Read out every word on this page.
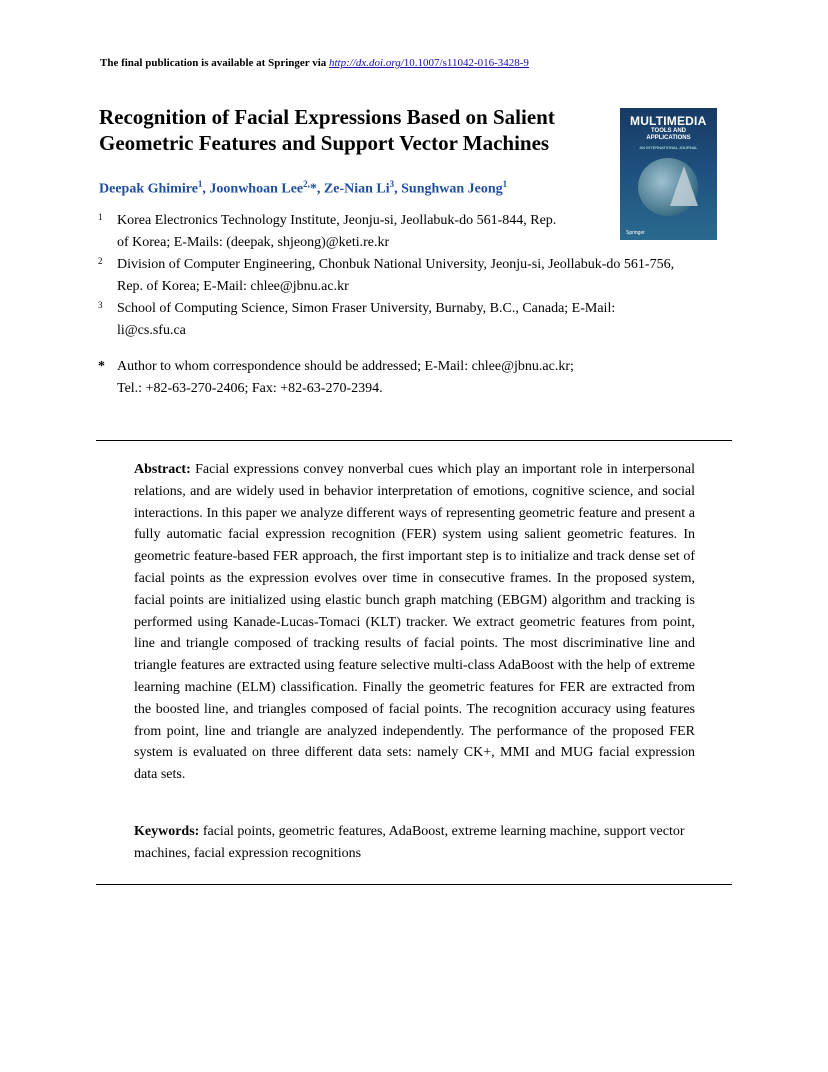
The final publication is available at Springer via http://dx.doi.org/10.1007/s11042-016-3428-9
Recognition of Facial Expressions Based on Salient
Geometric Features and Support Vector Machines
MULTIMEDIA
TOOLS AND
APPLICATIONS
AN INTERNATIONAL JOURNAL
Springer
Deepak Ghimire$^1$, Joonwhoan Lee$^{2,}$*, Ze-Nian Li$^3$, Sunghwan Jeong$^1$
1 Korea Electronics Technology Institute, Jeonju-si, Jeollabuk-do 561-844, Rep.
of Korea; E-Mails: (deepak, shjeong)@keti.re.kr
2 Division of Computer Engineering, Chonbuk National University, Jeonju-si, Jeollabuk-do 561-756,
Rep. of Korea; E-Mail: chlee@jbnu.ac.kr
3 School of Computing Science, Simon Fraser University, Burnaby, B.C., Canada; E-Mail:
li@cs.sfu.ca
* Author to whom correspondence should be addressed; E-Mail: chlee@jbnu.ac.kr;
Tel.: +82-63-270-2406; Fax: +82-63-270-2394.
Abstract: Facial expressions convey nonverbal cues which play an important role in interpersonal relations, and are widely used in behavior interpretation of emotions, cognitive science, and social interactions. In this paper we analyze different ways of representing geometric feature and present a fully automatic facial expression recognition (FER) system using salient geometric features. In geometric feature-based FER approach, the first important step is to initialize and track dense set of facial points as the expression evolves over time in consecutive frames. In the proposed system, facial points are initialized using elastic bunch graph matching (EBGM) algorithm and tracking is performed using Kanade-Lucas-Tomaci (KLT) tracker. We extract geometric features from point, line and triangle composed of tracking results of facial points. The most discriminative line and triangle features are extracted using feature selective multi-class AdaBoost with the help of extreme learning machine (ELM) classification. Finally the geometric features for FER are extracted from the boosted line, and triangles composed of facial points. The recognition accuracy using features from point, line and triangle are analyzed independently. The performance of the proposed FER system is evaluated on three different data sets: namely CK+, MMI and MUG facial expression data sets.
Keywords: facial points, geometric features, AdaBoost, extreme learning machine, support vector machines, facial expression recognitions
